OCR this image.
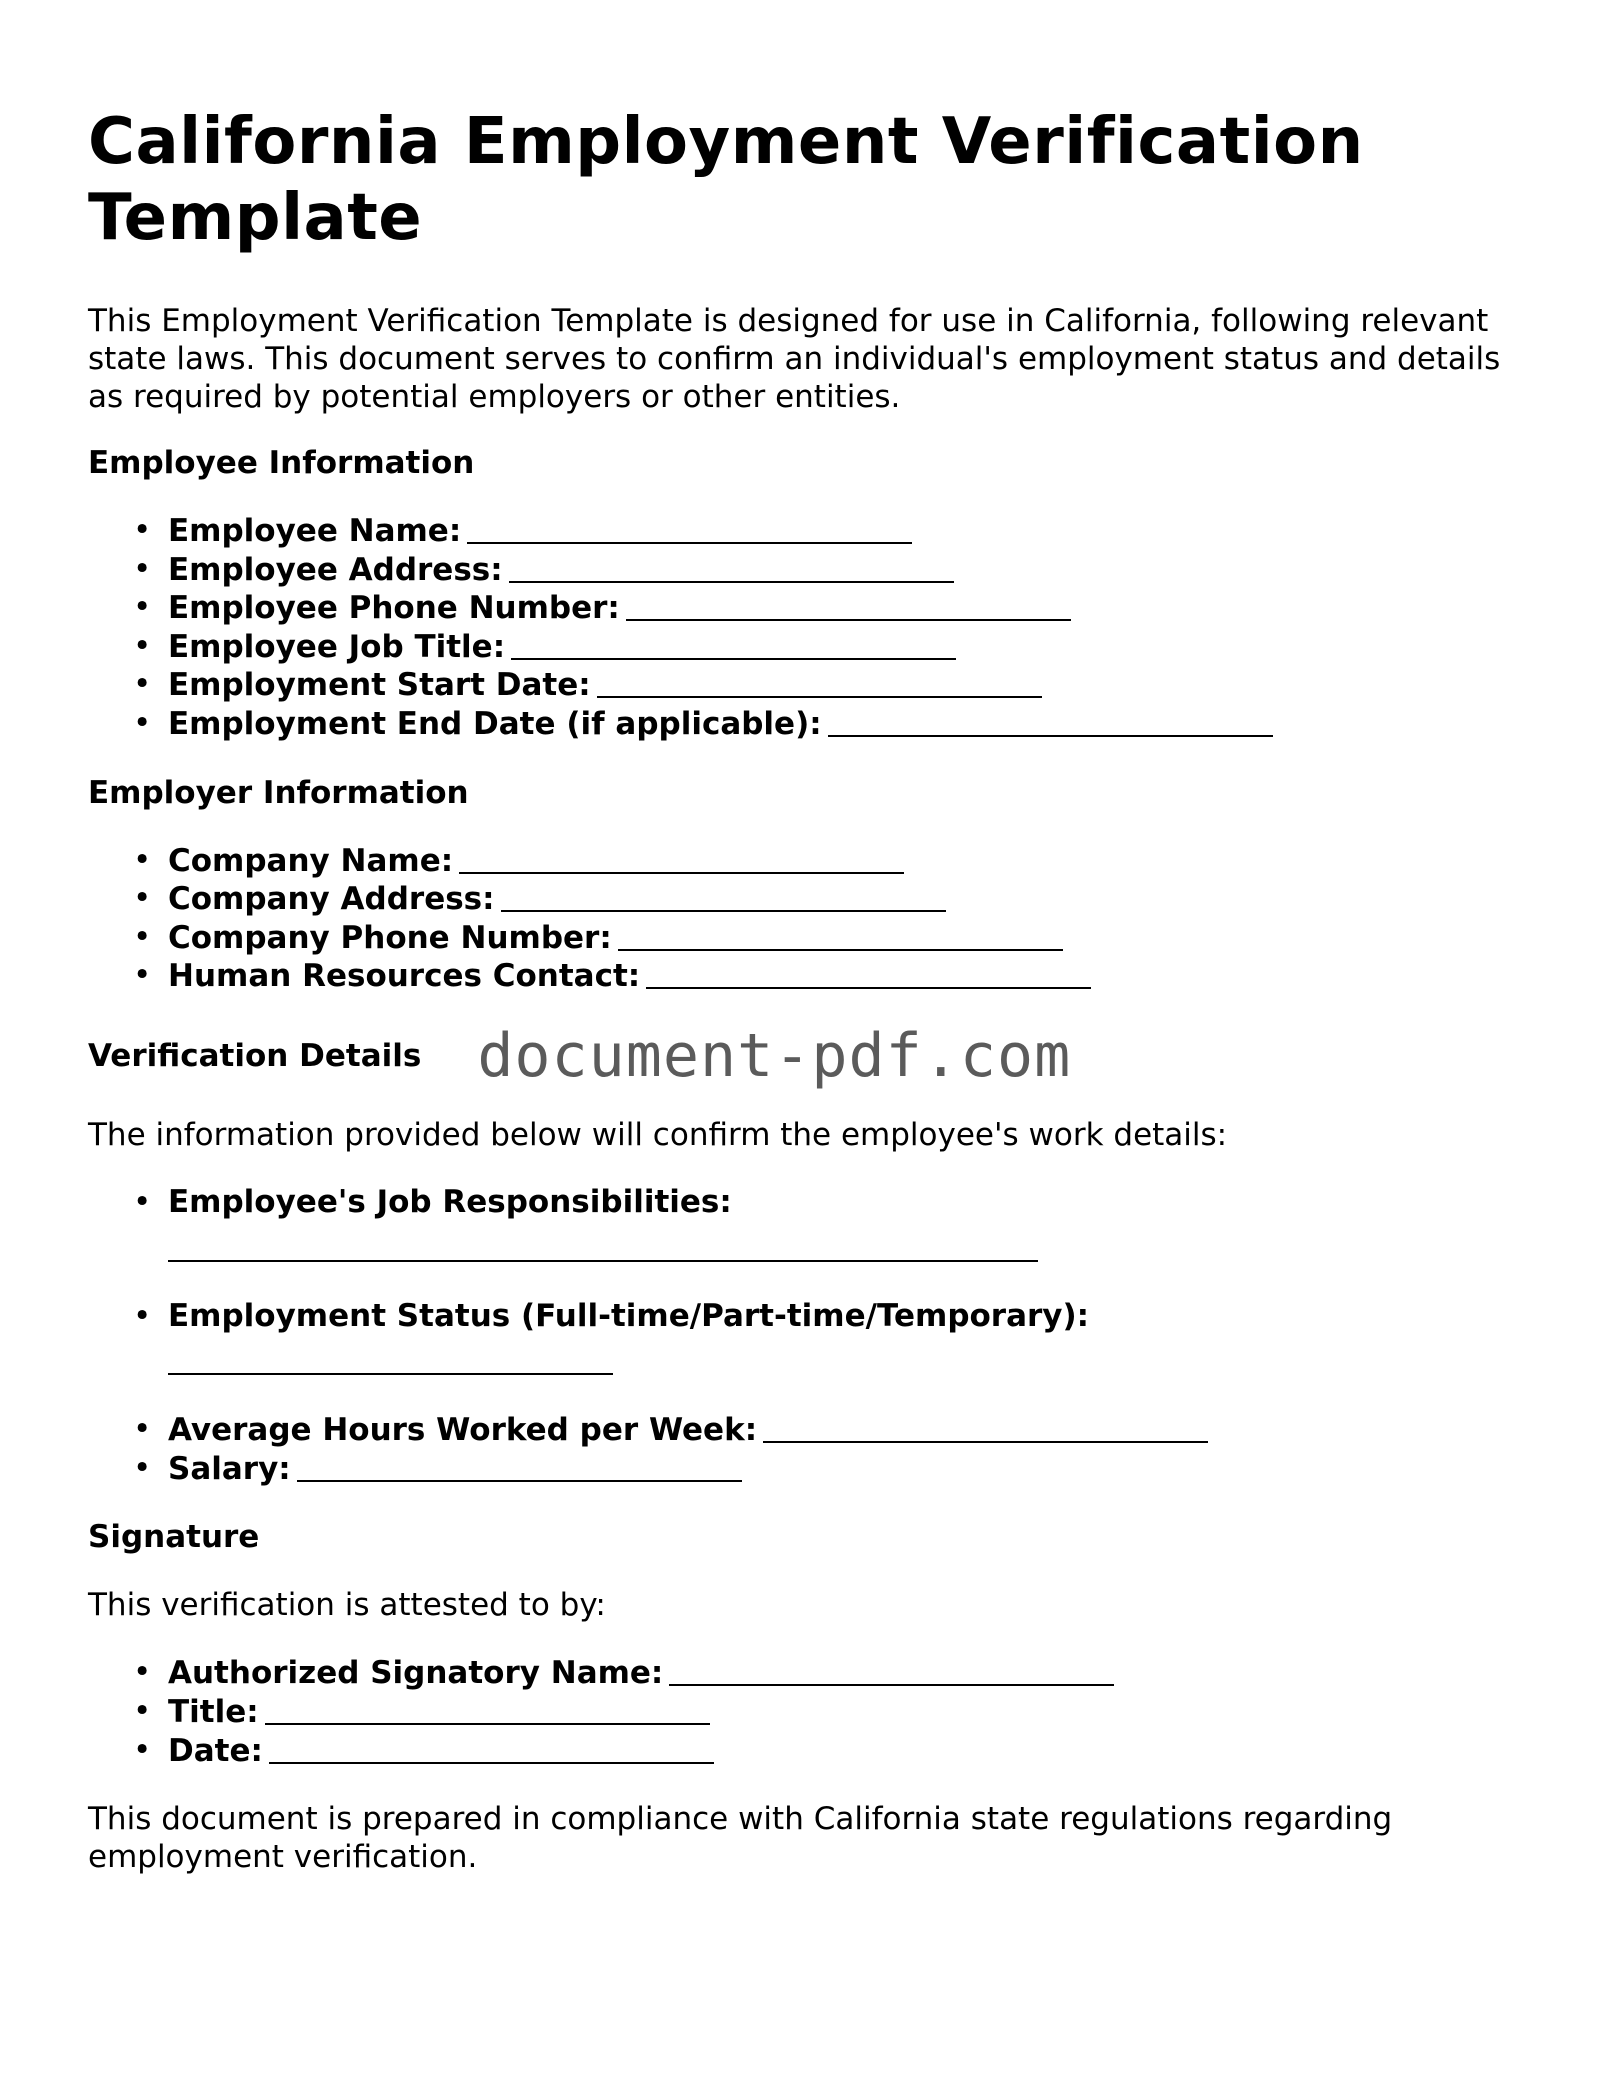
California Employment Verification Template

This Employment Verification Template is designed for use in California, following relevant state laws. This document serves to confirm an individual's employment status and details as required by potential employers or other entities.

Employee Information
• Employee Name:
• Employee Address:
• Employee Phone Number:
• Employee Job Title:
• Employment Start Date:
• Employment End Date (if applicable):
Employer Information
• Company Name:
• Company Address:
• Company Phone Number:
• Human Resources Contact:
Verification Details document-pdf.com

The information provided below will confirm the employee's work details:

• Employee's Job Responsibilities:
• Employment Status (Full-time/Part-time/Temporary):
• Average Hours Worked per Week:
• Salary:
Signature

This verification is attested to by:

• Authorized Signatory Name:
• Title:
• Date:

This document is prepared in compliance with California state regulations regarding employment verification.
